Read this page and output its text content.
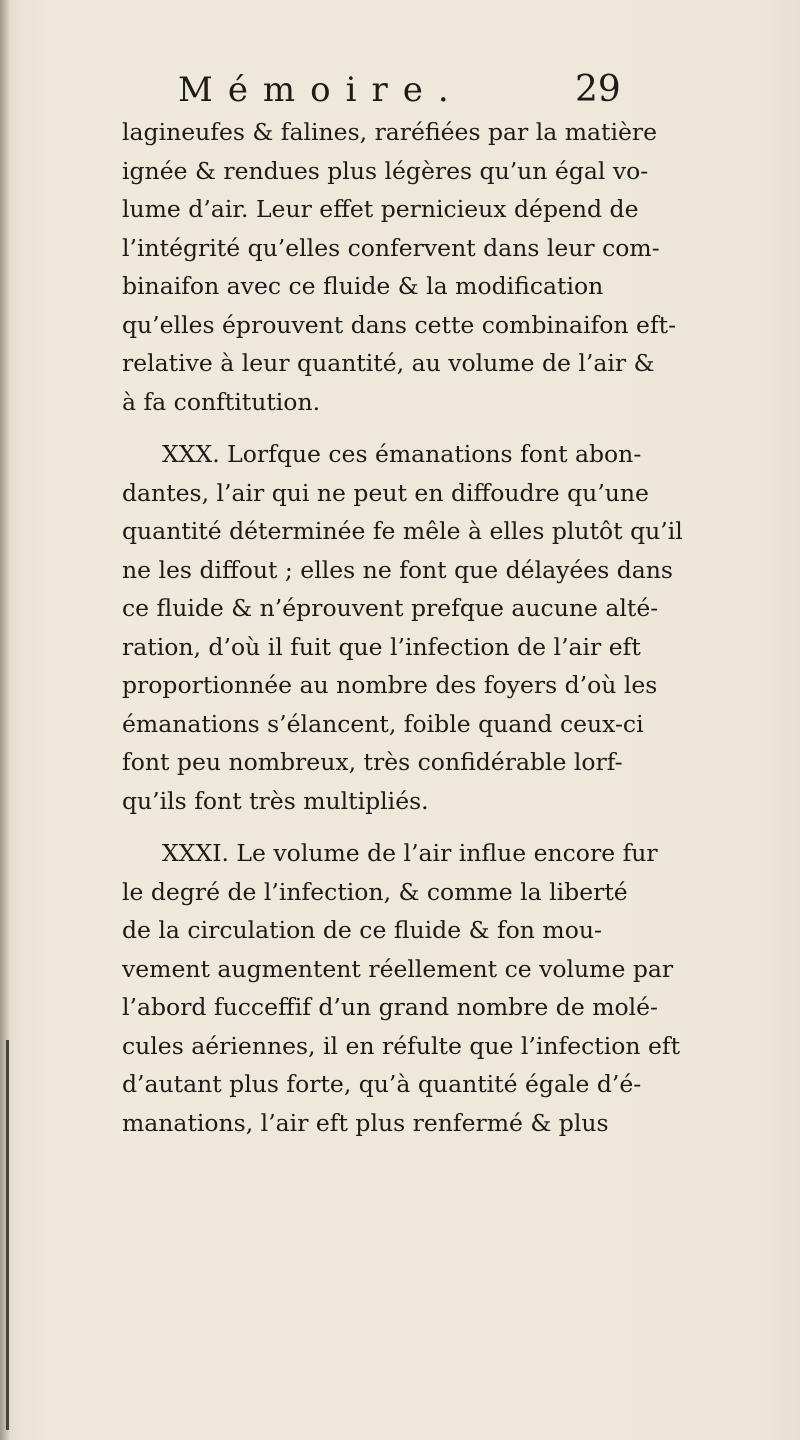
Mémoire.	29
lagineufes & falines, raréfiées par la matière
ignée & rendues plus légères qu’un égal vo-
lume d’air. Leur effet pernicieux dépend de
l’intégrité qu’elles confervent dans leur com-
binaifon avec ce fluide & la modification
qu’elles éprouvent dans cette combinaifon eft-
relative à leur quantité, au volume de l’air &
à fa conftitution.
XXX. Lorfque ces émanations font abon-
dantes, l’air qui ne peut en diffoudre qu’une
quantité déterminée fe mêle à elles plutôt qu’il
ne les diffout ; elles ne font que délayées dans
ce fluide & n’éprouvent prefque aucune alté-
ration, d’où il fuit que l’infection de l’air eft
proportionnée au nombre des foyers d’où les
émanations s’élancent, foible quand ceux-ci
font peu nombreux, très confidérable lorf-
qu’ils font très multipliés.
XXXI. Le volume de l’air influe encore fur
le degré de l’infection, & comme la liberté
de la circulation de ce fluide & fon mou-
vement augmentent réellement ce volume par
l’abord fucceffif d’un grand nombre de molé-
cules aériennes, il en réfulte que l’infection eft
d’autant plus forte, qu’à quantité égale d’é-
manations, l’air eft plus renfermé & plus
